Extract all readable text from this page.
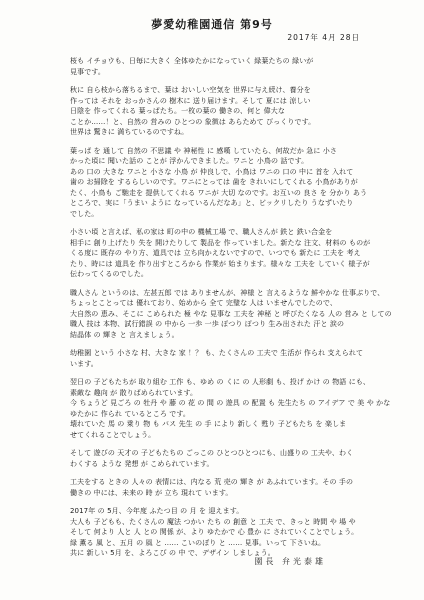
夢愛幼稚園通信 第9号
2017年 4月 28日
桜も イチョウも、日毎に大きく 全体ゆたかになっていく 緑葉たちの 緑いが
見事です。
秋に 自ら枝から落ちるまで、葉は おいしい空気を 世界に与え続け、養分を
作っては それを おっかさんの 樹木に 送り届けます。そして 夏には 涼しい
日陰を 作ってくれる 葉っぱたち。一枚の葉の 働きの、何と 偉大な
ことか……！と、自然の 営みの ひとつの 象徴は あらためて びっくりです。
世界は 驚きに 満ちているのですね。
葉っぱ を 通して 自然の 不思議 や 神秘性 に 感嘆 していたら、何故だか 急に 小さ
かった頃に 聞いた話の ことが 浮かんできました。ワニと 小鳥の 話です。
あの 口の 大きな ワニと 小さな 小鳥 が 仲良しで、小鳥は ワニの 口の 中に 首を 入れて
歯の お掃除を するらしいのです。ワニにとっては 歯を きれいにしてくれる 小鳥がありが
たく、小鳥も ご馳走を 提供してくれる ワニが 大切 なのです。お互いの 良さ を 分かり あう
ところで、実に「うまい ように なっているんだなあ」と、ビックリしたり うなずいたり
でした。
小さい頃 と言えば、私の家は 町の中の 機械工場 で、職人さんが 鉄と 鉄い合金を
相手に 創り上げたり 失を 開けたりして 製品を 作っていました。新たな 注文、材料の ものが
くる度に 既存の やり方、道具では 立ち向かえないですので、いつでも 新たに 工夫を 考え
たり、時には 道具を 作り出すところから 作業が 始まります。様々な 工夫を していく 様子が
伝わってくるのでした。
職人さん というのは、左甚五郎 では ありませんが、神様 と 言えるような 鮮やかな 仕事ぶりで、
ちょっとことっては 優れており、始めから 全て 完璧な 人は いませんでしたので、
大自然の 恵み、そこに こめられた 極 やな 見事な 工夫を 神秘 と 呼びたくなる 人の 営み と しての
職人 技は 本物、試行錯誤 の 中から 一歩 一歩 ぽつり ぽつり 生み出された 汗と 涙の
結晶体 の 輝き と 言えましょう。
幼稚園 という 小さな 村、大きな 家 ！？ も、たくさんの 工夫で 生活が 作られ 支えられて
います。
翌日の 子どもたちが 取り組む 工作 も、ゆめ の くに の 人形劇 も、投げ かけ の 物語 にも、
素敵な 趣向 が 散りばめられています。
今 ちょうど 見ごろ の 牡丹 や 藤 の 花 の 間 の 遊具 の 配置 も 先生たち の アイデア で 美 や かな
ゆたかに 作られ ているところ です。
壊れていた 馬 の 乗り 物 も バス 先生 の 手 により 新しく 甦り 子どもたち を 楽しま
せてくれることでしょう。
そして 遊びの 天才の 子どもたちの ごっこの ひとつひとつにも、山盛りの 工夫や、わく
わくする ような 発想 が こめられています。
工夫をする ときの 人々の 表情には、内なる 荒 売の 輝き が あふれています。その 手の
働きの 中には、未来の 時 が 立ち 現れて います。
2017年 の 5月、今年度 ふたつ目 の 月 を 迎えます。
大人も 子どもも、たくさんの 魔法 つかい たち の 創意 と 工夫 で、きっと 時間 や 場 や
そして 何より 人と 人 との 関係 が、より ゆたかで 心 豊か に されていくことでしょう。
緑 薫る 風 と、五月 の 風 と …… こいのぼり と …… 見事。いって 下さいね。
共に 新しい 5月 を、よろこび の 中 で、デザイン しましょう。
園長 弁光泰雄
